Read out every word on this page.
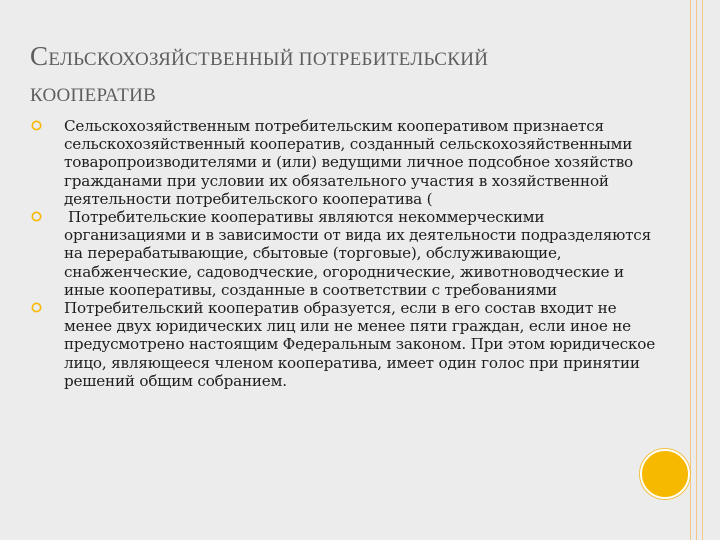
СЕЛЬСКОХОЗЯЙСТВЕННЫЙ ПОТРЕБИТЕЛЬСКИЙ
КООПЕРАТИВ
Сельскохозяйственным потребительским кооперативом признается сельскохозяйственный кооператив, созданный сельскохозяйственными товаропроизводителями и (или) ведущими личное подсобное хозяйство гражданами при условии их обязательного участия в хозяйственной деятельности потребительского кооператива (
Потребительские кооперативы являются некоммерческими организациями и в зависимости от вида их деятельности подразделяются на перерабатывающие, сбытовые (торговые), обслуживающие, снабженческие, садоводческие, огороднические, животноводческие и иные кооперативы, созданные в соответствии с требованиями
Потребительский кооператив образуется, если в его состав входит не менее двух юридических лиц или не менее пяти граждан, если иное не предусмотрено настоящим Федеральным законом. При этом юридическое лицо, являющееся членом кооператива, имеет один голос при принятии решений общим собранием.
